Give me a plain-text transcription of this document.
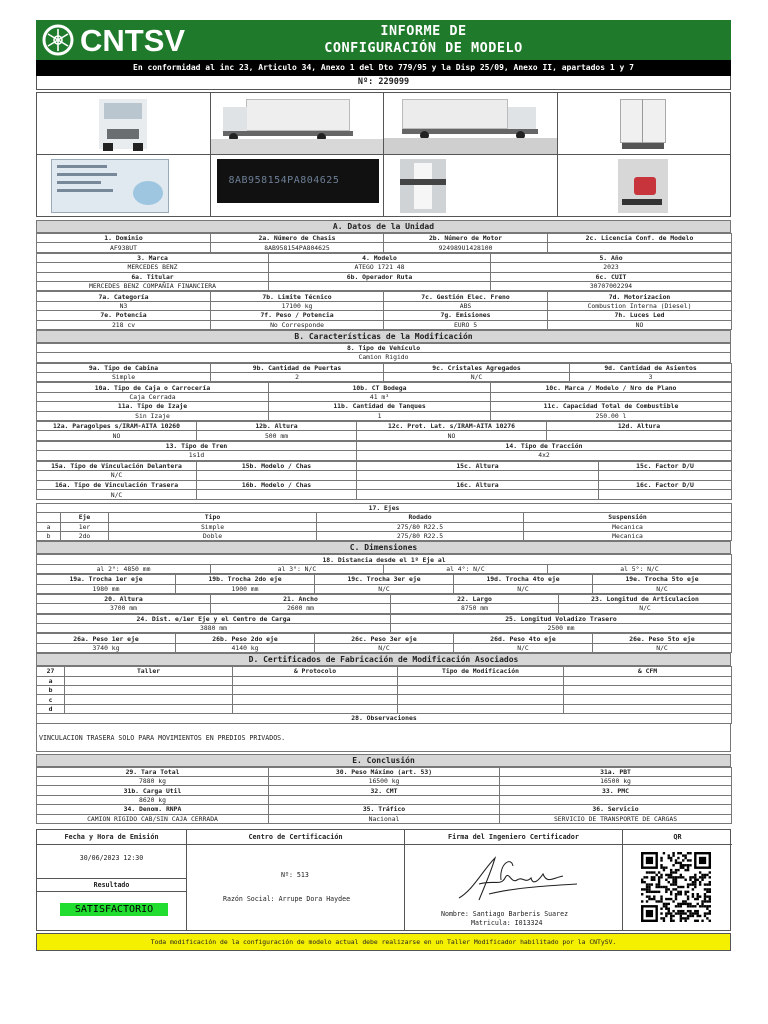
CNTSV	INFORME DE
CONFIGURACIÓN DE MODELO
En conformidad al inc 23, Articulo 34, Anexo 1 del Dto 779/95 y la Disp 25/09, Anexo II, apartados 1 y 7
Nº: 229099
8AB958154PA804625
A. Datos de la Unidad
1. Dominio	2a. Número de Chasis	2b. Número de Motor	2c. Licencia Conf. de Modelo
AF938UT	8AB958154PA804625	924989U1428100	
3. Marca	4. Modelo	5. Año
MERCEDES BENZ	ATEGO 1721 48	2023
6a. Titular	6b. Operador Ruta	6c. CUIT
MERCEDES BENZ COMPAÑIA FINANCIERA		30707002294
7a. Categoría	7b. Limite Técnico	7c. Gestión Elec. Freno	7d. Motorizacion
N3	17100 kg	ABS	Combustion Interna (Diesel)
7e. Potencia	7f. Peso / Potencia	7g. Emisiones	7h. Luces Led
218 cv	No Corresponde	EURO 5	NO
B. Características de la Modificación
8. Tipo de Vehículo
Camion Rigido
9a. Tipo de Cabina	9b. Cantidad de Puertas	9c. Cristales Agregados	9d. Cantidad de Asientos
Simple	2	N/C	3
10a. Tipo de Caja o Carrocería	10b. CT Bodega	10c. Marca / Modelo / Nro de Plano
Caja Cerrada	41 m³	
11a. Tipo de Izaje	11b. Cantidad de Tanques	11c. Capacidad Total de Combustible
Sin Izaje	1	250.00 l
12a. Paragolpes s/IRAM-AITA 10260	12b. Altura	12c. Prot. Lat. s/IRAM-AITA 10276	12d. Altura
NO	500 mm	NO	
13. Tipo de Tren	14. Tipo de Tracción
1s1d	4x2
15a. Tipo de Vinculación Delantera	15b. Modelo / Chas	15c. Altura	15c. Factor D/U
N/C			
16a. Tipo de Vinculación Trasera	16b. Modelo / Chas	16c. Altura	16c. Factor D/U
N/C			
17. Ejes				
	Eje	Tipo	Rodado	Suspensión
a	1er	Simple	275/80 R22.5	Mecanica
b	2do	Doble	275/80 R22.5	Mecanica
C. Dimensiones
18. Distancia desde el 1º Eje al
al 2°: 4850 mm	al 3°: N/C	al 4°: N/C	al 5°: N/C
19a. Trocha 1er eje	19b. Trocha 2do eje	19c. Trocha 3er eje	19d. Trocha 4to eje	19e. Trocha 5to eje
1980 mm	1900 mm	N/C	N/C	N/C
20. Altura	21. Ancho	22. Largo	23. Longitud de Articulacion
3700 mm	2600 mm	8750 mm	N/C
24. Dist. e/1er Eje y el Centro de Carga	25. Longitud Voladizo Trasero
3880 mm	2500 mm
26a. Peso 1er eje	26b. Peso 2do eje	26c. Peso 3er eje	26d. Peso 4to eje	26e. Peso 5to eje
3740 kg	4140 kg	N/C	N/C	N/C
D. Certificados de Fabricación de Modificación Asociados
27	Taller	& Protocolo	Tipo de Modificación	& CFM
a				
b				
c				
d				
28. Observaciones				
VINCULACION TRASERA SOLO PARA MOVIMIENTOS EN PREDIOS PRIVADOS.
E. Conclusión
29. Tara Total	30. Peso Máximo (art. 53)	31a. PBT
7880 kg	16500 kg	16500 kg
31b. Carga Util	32. CMT	33. PMC
8620 kg		
34. Denom. RNPA	35. Tráfico	36. Servicio
CAMION RIGIDO CAB/SIN CAJA CERRADA	Nacional	SERVICIO DE TRANSPORTE DE CARGAS
Fecha y Hora de Emisión
30/06/2023 12:30
Resultado
SATISFACTORIO
Centro de Certificación
Nº: 513
Razón Social: Arrupe Dora Haydee
Firma del Ingeniero Certificador
Nombre: Santiago Barberis Suarez
Matricula: I013324
QR
Toda modificación de la configuración de modelo actual debe realizarse en un Taller Modificador habilitado por la CNTySV.
